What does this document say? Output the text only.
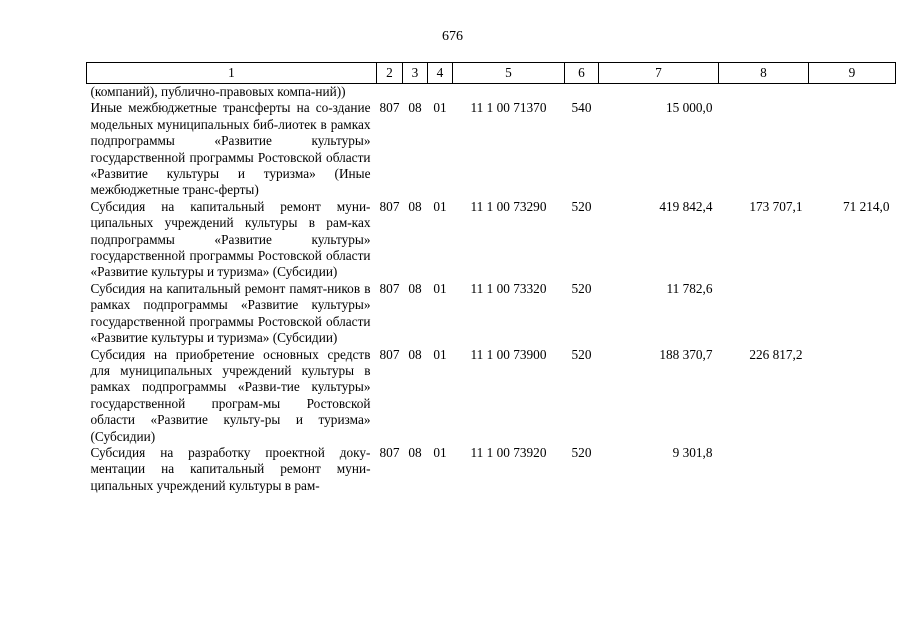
676
1	2	3	4	5	6	7	8	9
(компаний), публично-правовых компа-ний))								
Иные межбюджетные трансферты на со-здание модельных муниципальных биб-лиотек в рамках подпрограммы «Развитие культуры» государственной программы Ростовской области «Развитие культуры и туризма» (Иные межбюджетные транс-ферты)	807	08	01	11 1 00 71370	540	15 000,0		
Субсидия на капитальный ремонт муни-ципальных учреждений культуры в рам-ках подпрограммы «Развитие культуры» государственной программы Ростовской области «Развитие культуры и туризма» (Субсидии)	807	08	01	11 1 00 73290	520	419 842,4	173 707,1	71 214,0
Субсидия на капитальный ремонт памят-ников в рамках подпрограммы «Развитие культуры» государственной программы Ростовской области «Развитие культуры и туризма» (Субсидии)	807	08	01	11 1 00 73320	520	11 782,6		
Субсидия на приобретение основных средств для муниципальных учреждений культуры в рамках подпрограммы «Разви-тие культуры» государственной програм-мы Ростовской области «Развитие культу-ры и туризма» (Субсидии)	807	08	01	11 1 00 73900	520	188 370,7	226 817,2	
Субсидия на разработку проектной доку-ментации на капитальный ремонт муни-ципальных учреждений культуры в рам-	807	08	01	11 1 00 73920	520	9 301,8		
